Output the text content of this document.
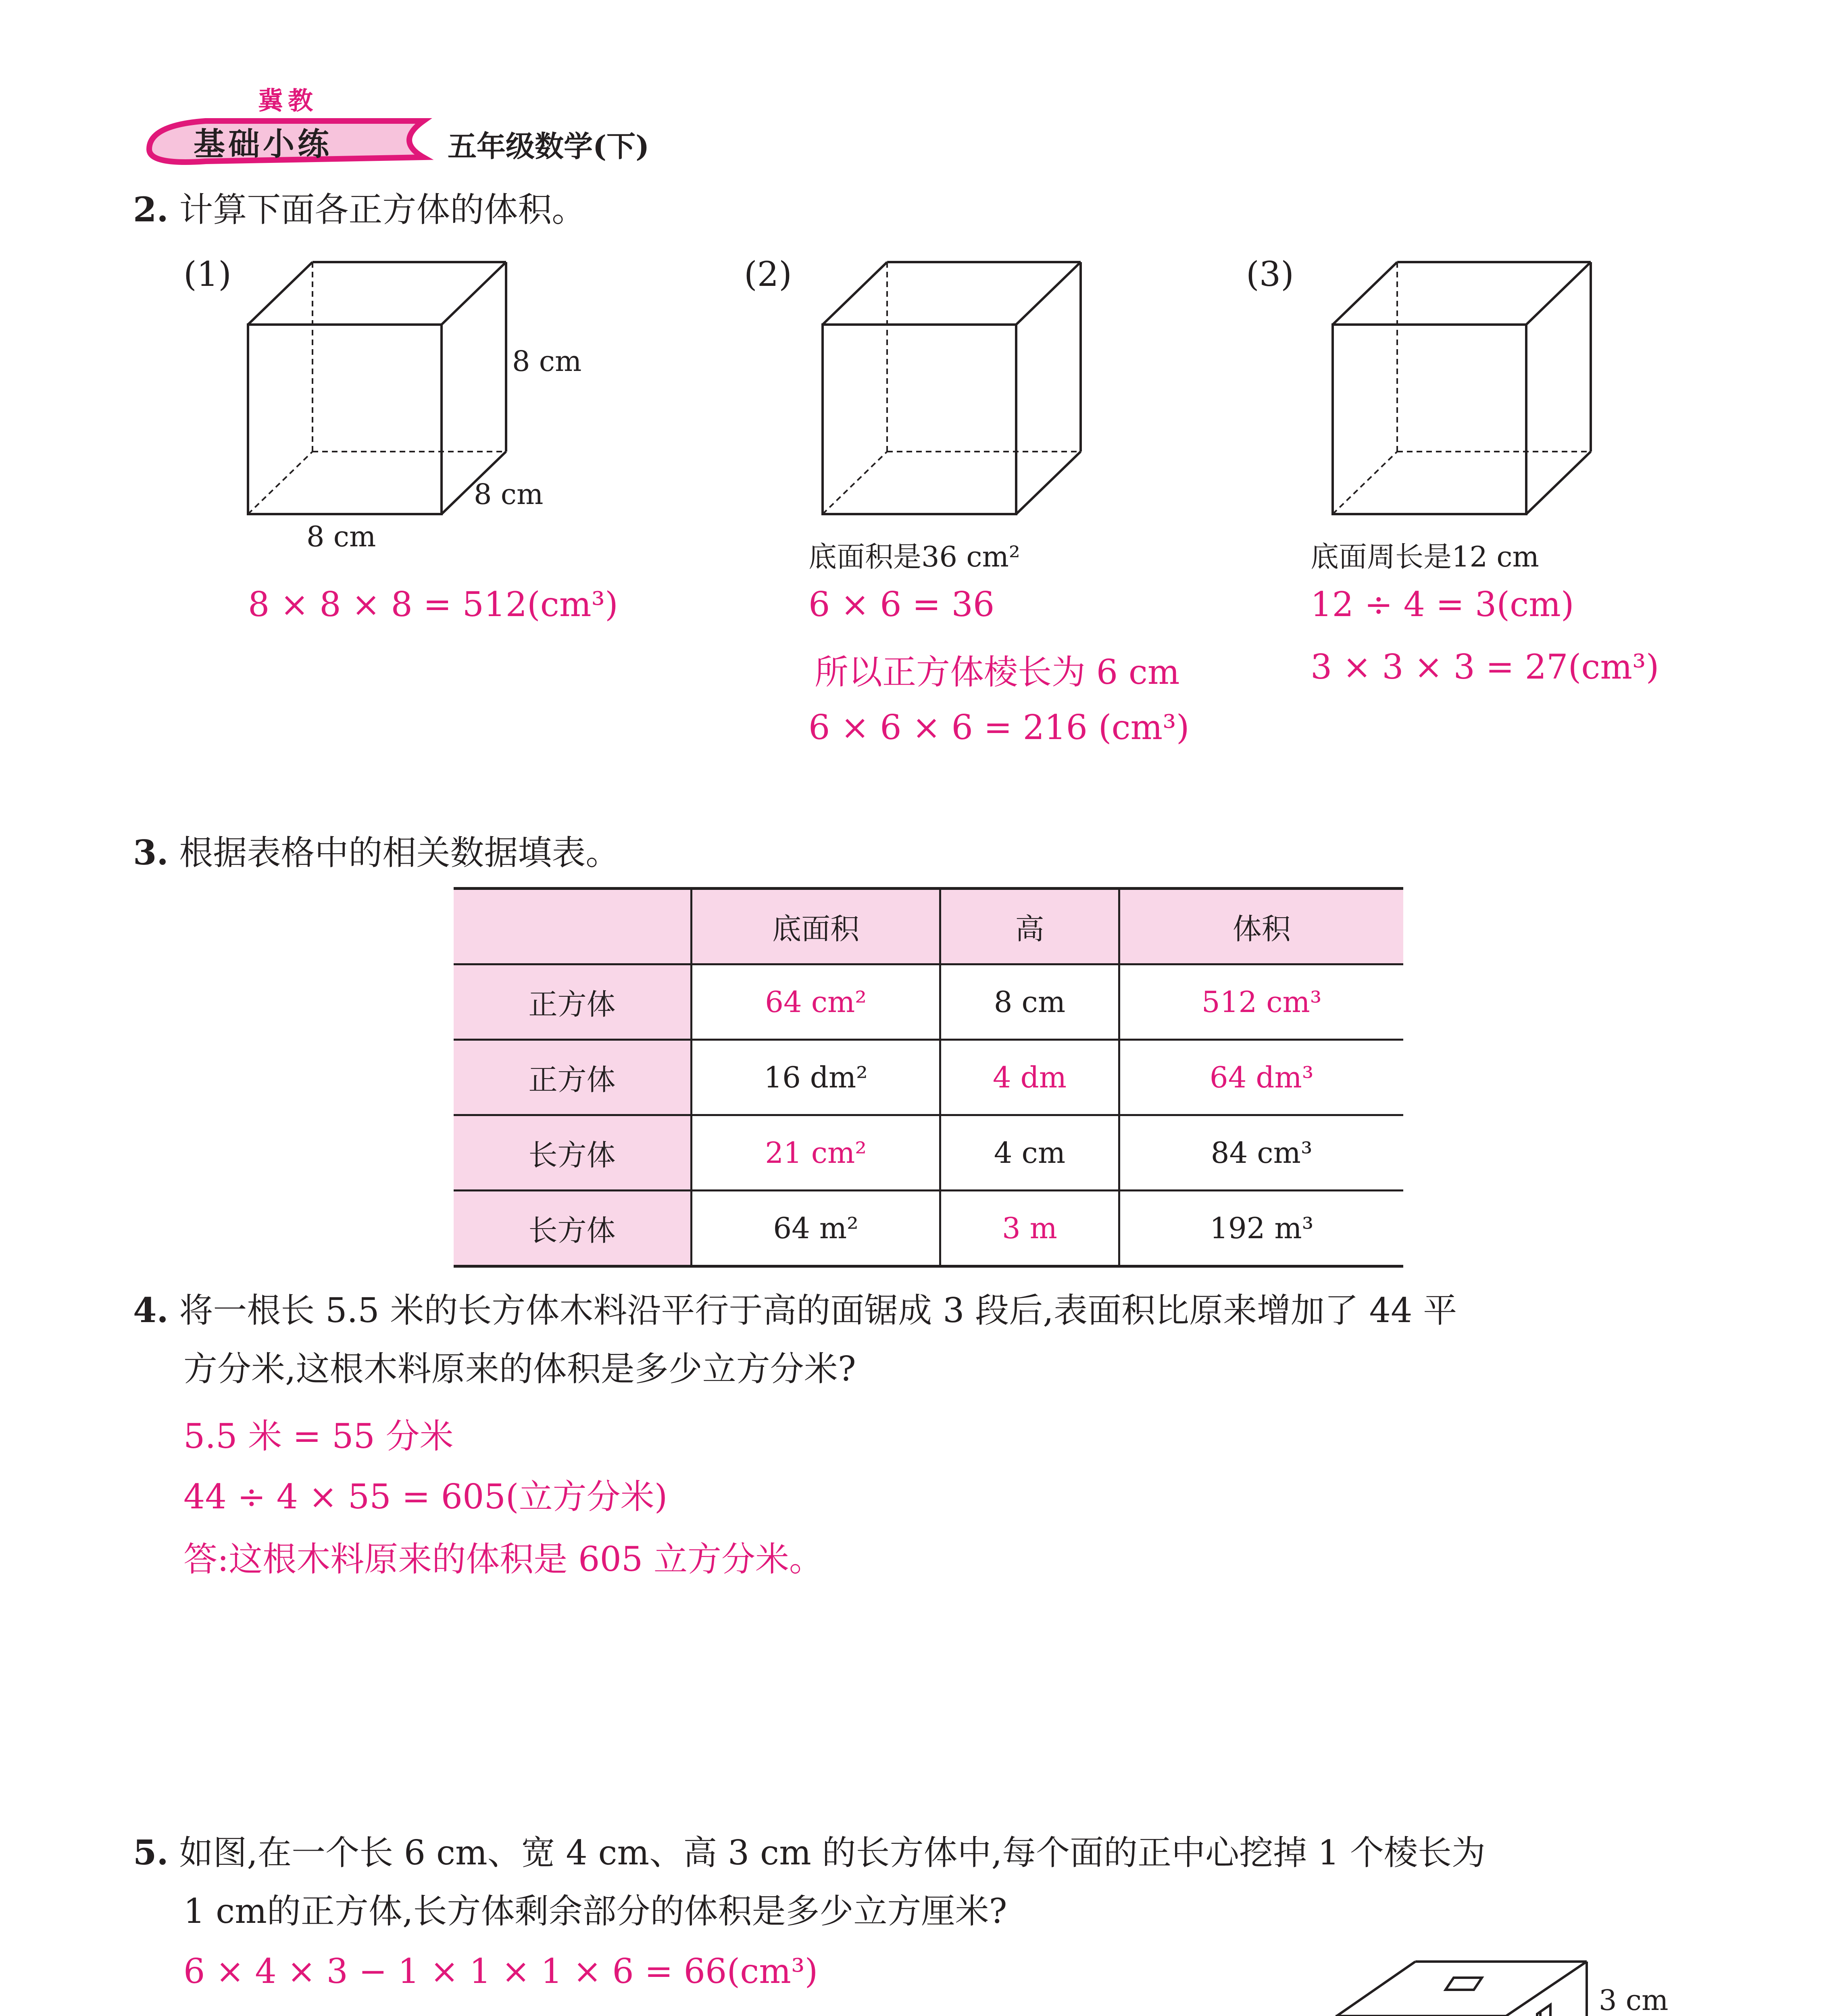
冀教
基础小练	五年级数学(下)
2. 计算下面各正方体的体积。
(1)
8 cm
8 cm
8 cm
8 × 8 × 8 = 512(cm³)
(2)
底面积是36 cm²
6 × 6 = 36
所以正方体棱长为 6 cm
6 × 6 × 6 = 216 (cm³)
(3)
底面周长是12 cm
12 ÷ 4 = 3(cm)
3 × 3 × 3 = 27(cm³)
3. 根据表格中的相关数据填表。
	底面积	高	体积
正方体	64 cm²	8 cm	512 cm³
正方体	16 dm²	4 dm	64 dm³
长方体	21 cm²	4 cm	84 cm³
长方体	64 m²	3 m	192 m³
4. 将一根长 5.5 米的长方体木料沿平行于高的面锯成 3 段后,表面积比原来增加了 44 平
方分米,这根木料原来的体积是多少立方分米?
5.5 米 = 55 分米
44 ÷ 4 × 55 = 605(立方分米)
答:这根木料原来的体积是 605 立方分米。
5. 如图,在一个长 6 cm、宽 4 cm、高 3 cm 的长方体中,每个面的正中心挖掉 1 个棱长为
1 cm的正方体,长方体剩余部分的体积是多少立方厘米?
6 × 4 × 3 − 1 × 1 × 1 × 6 = 66(cm³)
3 cm
